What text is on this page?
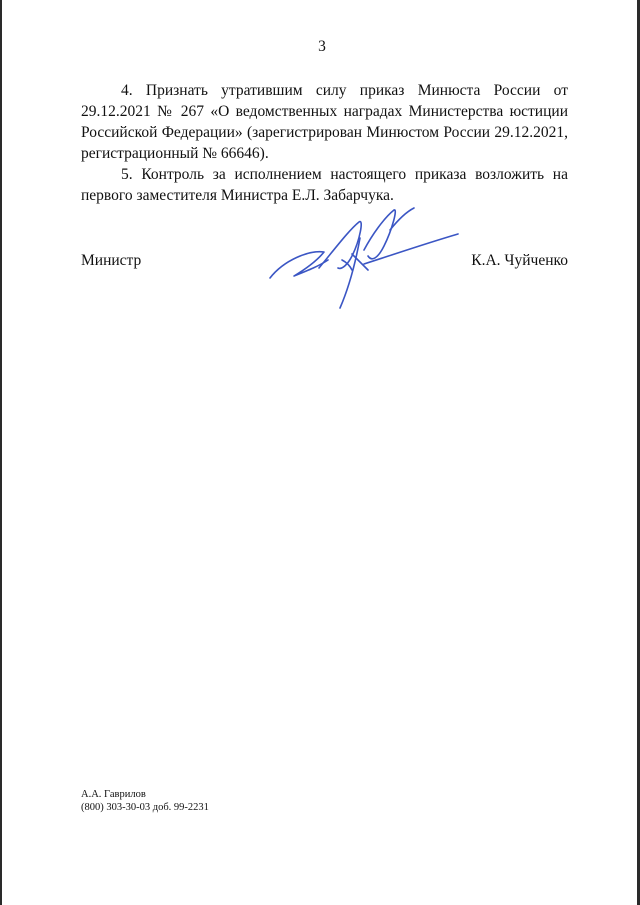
3

4. Признать утратившим силу приказ Минюста России от 29.12.2021 № 267 «О ведомственных наградах Министерства юстиции Российской Федерации» (зарегистрирован Минюстом России 29.12.2021, регистрационный № 66646).

5. Контроль за исполнением настоящего приказа возложить на первого заместителя Министра Е.Л. Забарчука.

Министр	К.А. Чуйченко
А.А. Гаврилов
(800) 303-30-03 доб. 99-2231
